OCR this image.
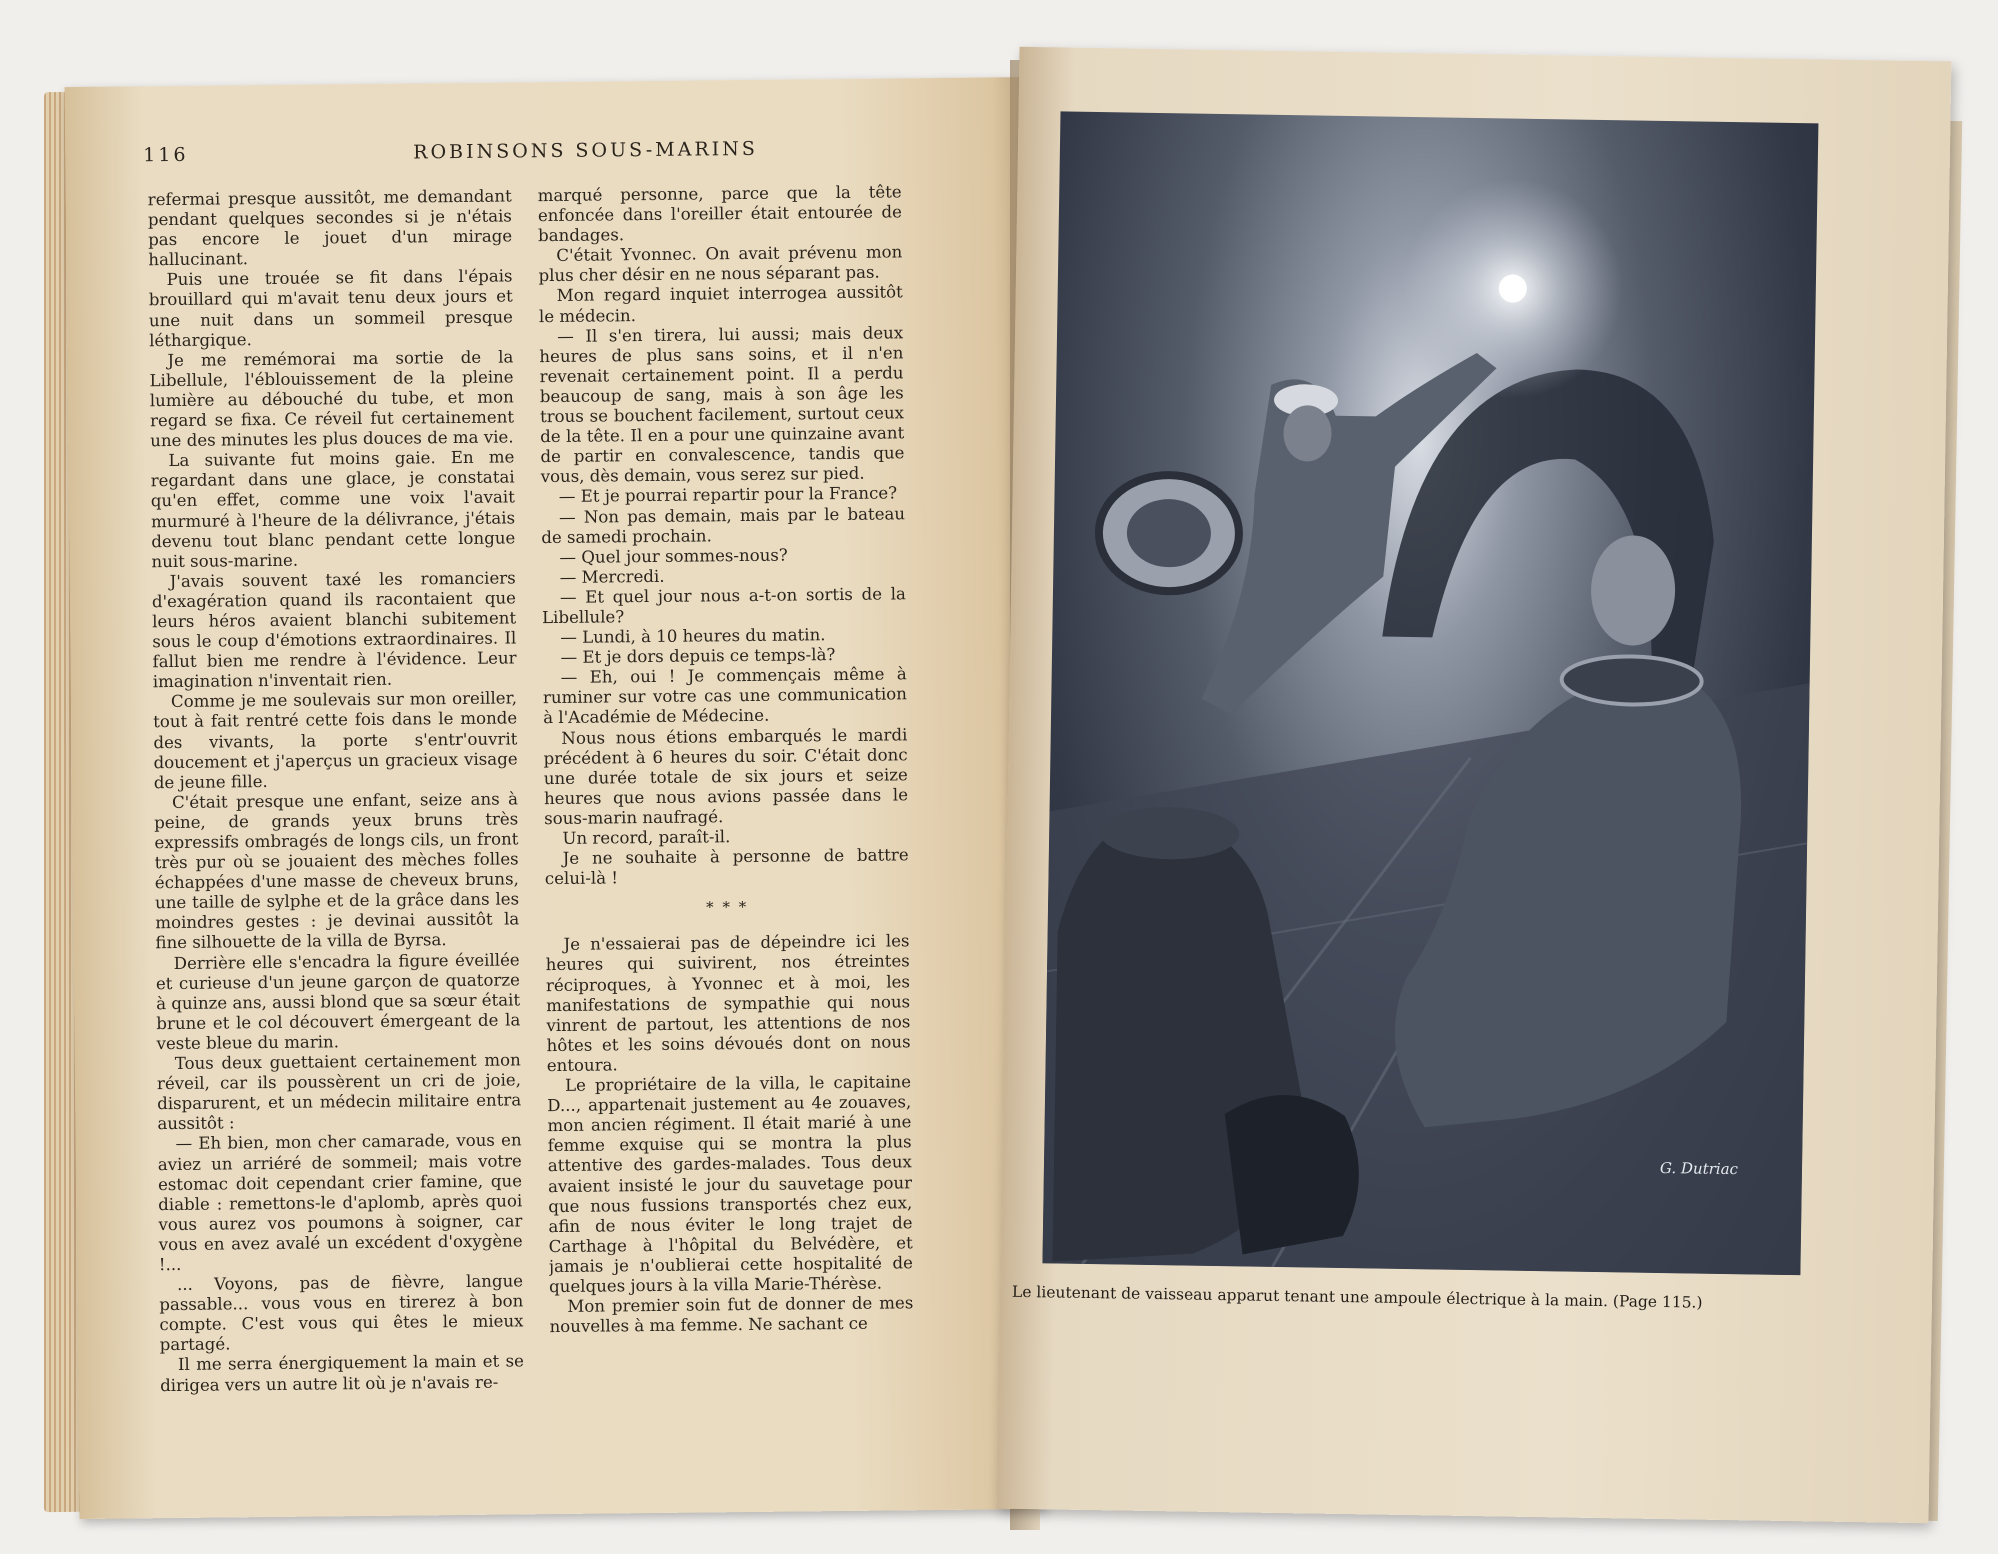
116	ROBINSONS SOUS-MARINS

refermai presque aussitôt, me demandant pendant quelques secondes si je n'étais pas encore le jouet d'un mirage hallucinant.

Puis une trouée se fit dans l'épais brouillard qui m'avait tenu deux jours et une nuit dans un sommeil presque léthargique.

Je me remémorai ma sortie de la Libellule, l'éblouissement de la pleine lumière au débouché du tube, et mon regard se fixa. Ce réveil fut certainement une des minutes les plus douces de ma vie.

La suivante fut moins gaie. En me regardant dans une glace, je constatai qu'en effet, comme une voix l'avait murmuré à l'heure de la délivrance, j'étais devenu tout blanc pendant cette longue nuit sous-marine.

J'avais souvent taxé les romanciers d'exagération quand ils racontaient que leurs héros avaient blanchi subitement sous le coup d'émotions extraordinaires. Il fallut bien me rendre à l'évidence. Leur imagination n'inventait rien.

Comme je me soulevais sur mon oreiller, tout à fait rentré cette fois dans le monde des vivants, la porte s'entr'ouvrit doucement et j'aperçus un gracieux visage de jeune fille.

C'était presque une enfant, seize ans à peine, de grands yeux bruns très expressifs ombragés de longs cils, un front très pur où se jouaient des mèches folles échappées d'une masse de cheveux bruns, une taille de sylphe et de la grâce dans les moindres gestes : je devinai aussitôt la fine silhouette de la villa de Byrsa.

Derrière elle s'encadra la figure éveillée et curieuse d'un jeune garçon de quatorze à quinze ans, aussi blond que sa sœur était brune et le col découvert émergeant de la veste bleue du marin.

Tous deux guettaient certainement mon réveil, car ils poussèrent un cri de joie, disparurent, et un médecin militaire entra aussitôt :

— Eh bien, mon cher camarade, vous en aviez un arriéré de sommeil; mais votre estomac doit cependant crier famine, que diable : remettons-le d'aplomb, après quoi vous aurez vos poumons à soigner, car vous en avez avalé un excédent d'oxygène !...

... Voyons, pas de fièvre, langue passable... vous vous en tirerez à bon compte. C'est vous qui êtes le mieux partagé.

Il me serra énergiquement la main et se dirigea vers un autre lit où je n'avais re-

marqué personne, parce que la tête enfoncée dans l'oreiller était entourée de bandages.

C'était Yvonnec. On avait prévenu mon plus cher désir en ne nous séparant pas.

Mon regard inquiet interrogea aussitôt le médecin.

— Il s'en tirera, lui aussi; mais deux heures de plus sans soins, et il n'en revenait certainement point. Il a perdu beaucoup de sang, mais à son âge les trous se bouchent facilement, surtout ceux de la tête. Il en a pour une quinzaine avant de partir en convalescence, tandis que vous, dès demain, vous serez sur pied.

— Et je pourrai repartir pour la France?

— Non pas demain, mais par le bateau de samedi prochain.

— Quel jour sommes-nous?

— Mercredi.

— Et quel jour nous a-t-on sortis de la Libellule?

— Lundi, à 10 heures du matin.

— Et je dors depuis ce temps-là?

— Eh, oui ! Je commençais même à ruminer sur votre cas une communication à l'Académie de Médecine.

Nous nous étions embarqués le mardi précédent à 6 heures du soir. C'était donc une durée totale de six jours et seize heures que nous avions passée dans le sous-marin naufragé.

Un record, paraît-il.

Je ne souhaite à personne de battre celui-là !

* * *

Je n'essaierai pas de dépeindre ici les heures qui suivirent, nos étreintes réciproques, à Yvonnec et à moi, les manifestations de sympathie qui nous vinrent de partout, les attentions de nos hôtes et les soins dévoués dont on nous entoura.

Le propriétaire de la villa, le capitaine D..., appartenait justement au 4e zouaves, mon ancien régiment. Il était marié à une femme exquise qui se montra la plus attentive des gardes-malades. Tous deux avaient insisté le jour du sauvetage pour que nous fussions transportés chez eux, afin de nous éviter le long trajet de Carthage à l'hôpital du Belvédère, et jamais je n'oublierai cette hospitalité de quelques jours à la villa Marie-Thérèse.

Mon premier soin fut de donner de mes nouvelles à ma femme. Ne sachant ce

G. Dutriac
Le lieutenant de vaisseau apparut tenant une ampoule électrique à la main. (Page 115.)
